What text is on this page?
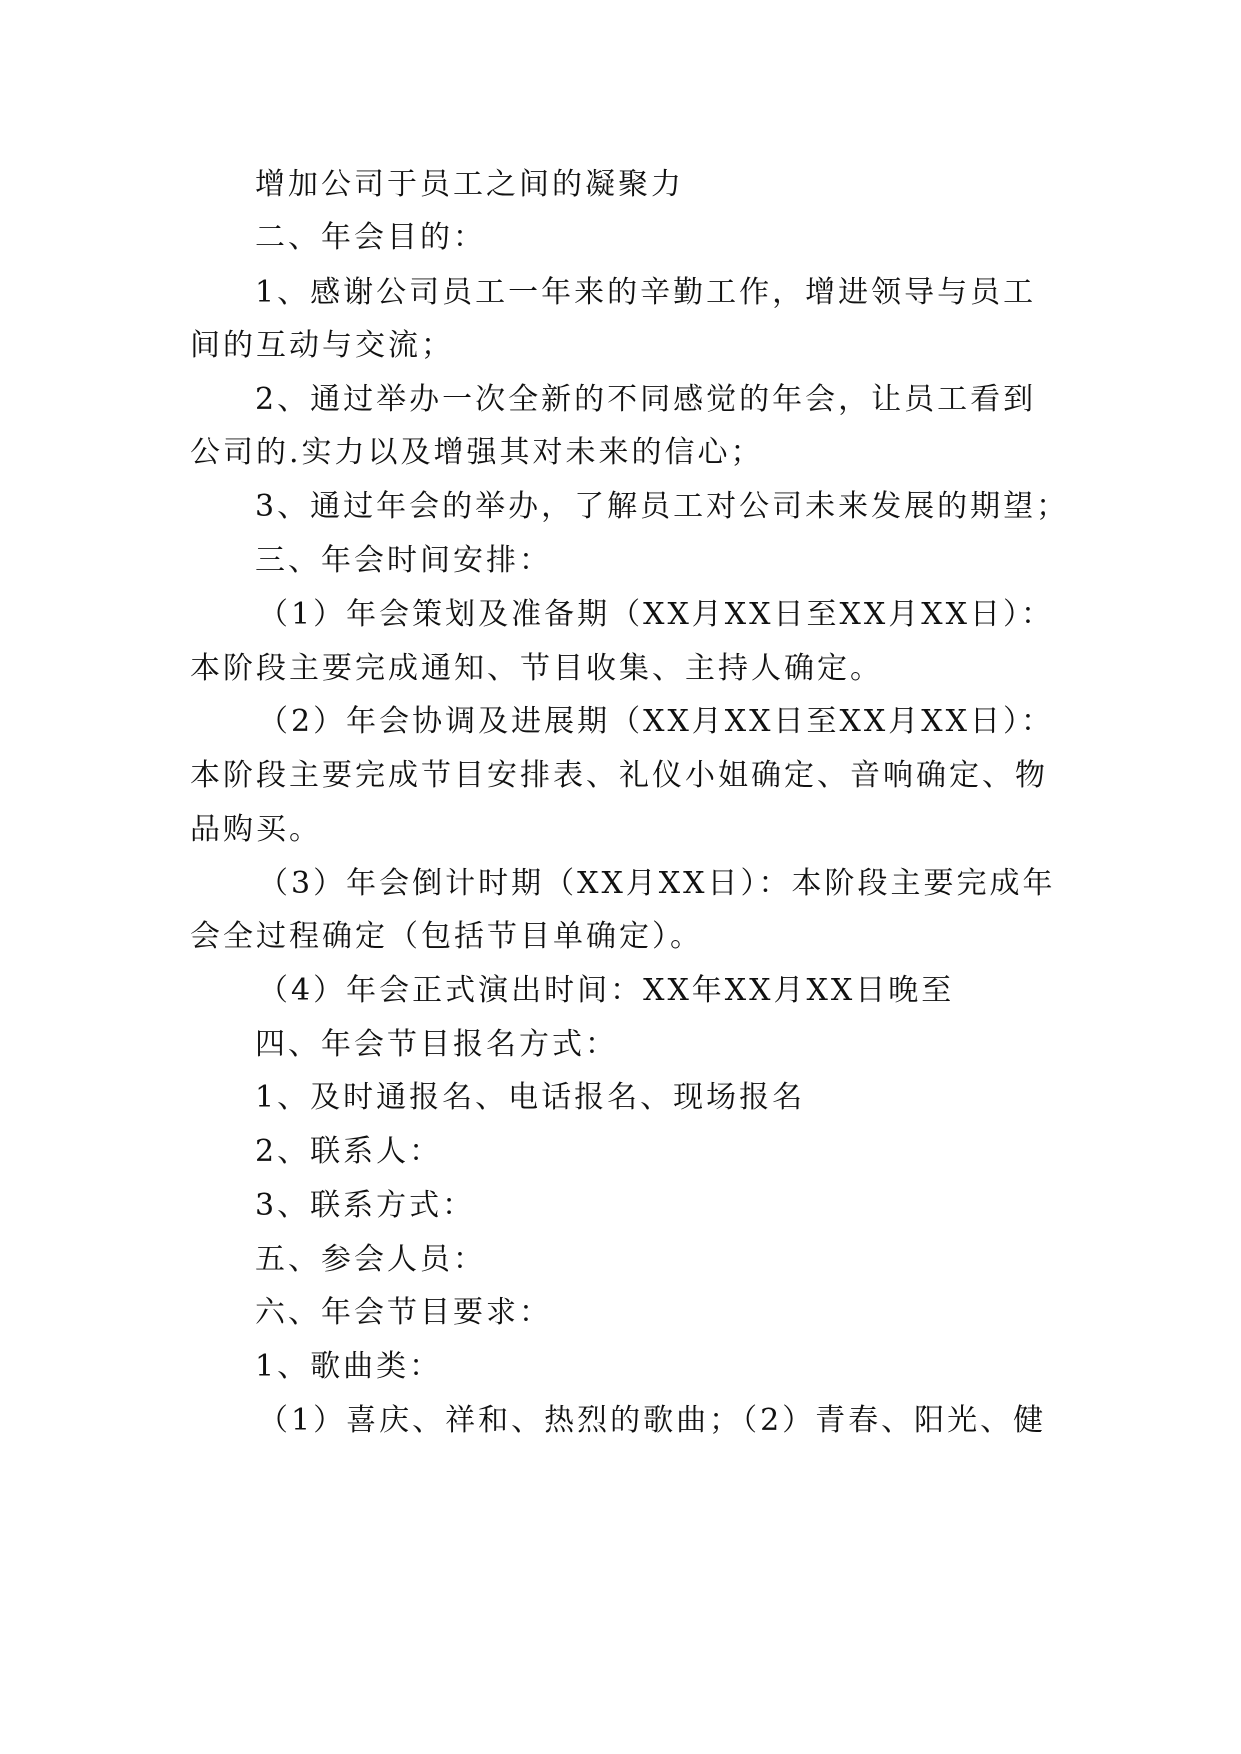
增加公司于员工之间的凝聚力
二、年会目的：
1、感谢公司员工一年来的辛勤工作，增进领导与员工
间的互动与交流；
2、通过举办一次全新的不同感觉的年会，让员工看到
公司的.实力以及增强其对未来的信心；
3、通过年会的举办，了解员工对公司未来发展的期望；
三、年会时间安排：
（1）年会策划及准备期（XX月XX日至XX月XX日）：
本阶段主要完成通知、节目收集、主持人确定。
（2）年会协调及进展期（XX月XX日至XX月XX日）：
本阶段主要完成节目安排表、礼仪小姐确定、音响确定、物
品购买。
（3）年会倒计时期（XX月XX日）：本阶段主要完成年
会全过程确定（包括节目单确定）。
（4）年会正式演出时间：XX年XX月XX日晚至
四、年会节目报名方式：
1、及时通报名、电话报名、现场报名
2、联系人：
3、联系方式：
五、参会人员：
六、年会节目要求：
1、歌曲类：
（1）喜庆、祥和、热烈的歌曲；（2）青春、阳光、健
